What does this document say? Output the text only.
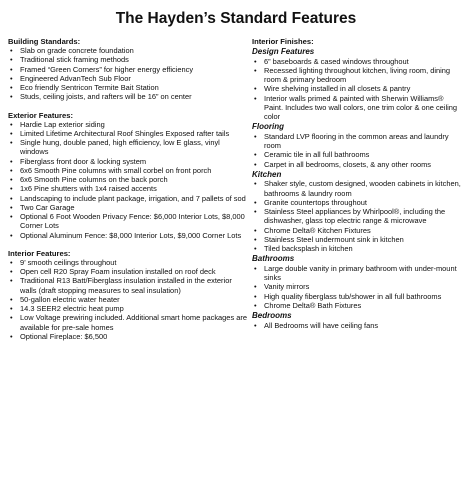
The Hayden’s Standard Features
Building Standards:
• Slab on grade concrete foundation
• Traditional stick framing methods
• Framed “Green Corners” for higher energy efficiency
• Engineered AdvanTech Sub Floor
• Eco friendly Sentricon Termite Bait Station
• Studs, ceiling joists, and rafters will be 16” on center
Exterior Features:
• Hardie Lap exterior siding
• Limited Lifetime Architectural Roof Shingles Exposed rafter tails
• Single hung, double paned, high efficiency, low E glass, vinyl windows
• Fiberglass front door & locking system
• 6x6 Smooth Pine columns with small corbel on front porch
• 6x6 Smooth Pine columns on the back porch
• 1x6 Pine shutters with 1x4 raised accents
• Landscaping to include plant package, irrigation, and 7 pallets of sod
• Two Car Garage
• Optional 6 Foot Wooden Privacy Fence: $6,000 Interior Lots, $8,000 Corner Lots
• Optional Aluminum Fence: $8,000 Interior Lots, $9,000 Corner Lots
Interior Features:
• 9’ smooth ceilings throughout
• Open cell R20 Spray Foam insulation installed on roof deck
• Traditional R13 Batt/Fiberglass insulation installed in the exterior walls (draft stopping measures to seal insulation)
• 50-gallon electric water heater
• 14.3 SEER2 electric heat pump
• Low Voltage prewiring included. Additional smart home packages are available for pre-sale homes
• Optional Fireplace: $6,500
Interior Finishes:
Design Features
• 6” baseboards & cased windows throughout
• Recessed lighting throughout kitchen, living room, dining room & primary bedroom
• Wire shelving installed in all closets & pantry
• Interior walls primed & painted with Sherwin Williams® Paint. Includes two wall colors, one trim color & one ceiling color
Flooring
• Standard LVP flooring in the common areas and laundry room
• Ceramic tile in all full bathrooms
• Carpet in all bedrooms, closets, & any other rooms
Kitchen
• Shaker style, custom designed, wooden cabinets in kitchen, bathrooms & laundry room
• Granite countertops throughout
• Stainless Steel appliances by Whirlpool®, including the dishwasher, glass top electric range & microwave
• Chrome Delta® Kitchen Fixtures
• Stainless Steel undermount sink in kitchen
• Tiled backsplash in kitchen
Bathrooms
• Large double vanity in primary bathroom with under-mount sinks
• Vanity mirrors
• High quality fiberglass tub/shower in all full bathrooms
• Chrome Delta® Bath Fixtures
Bedrooms
• All Bedrooms will have ceiling fans
